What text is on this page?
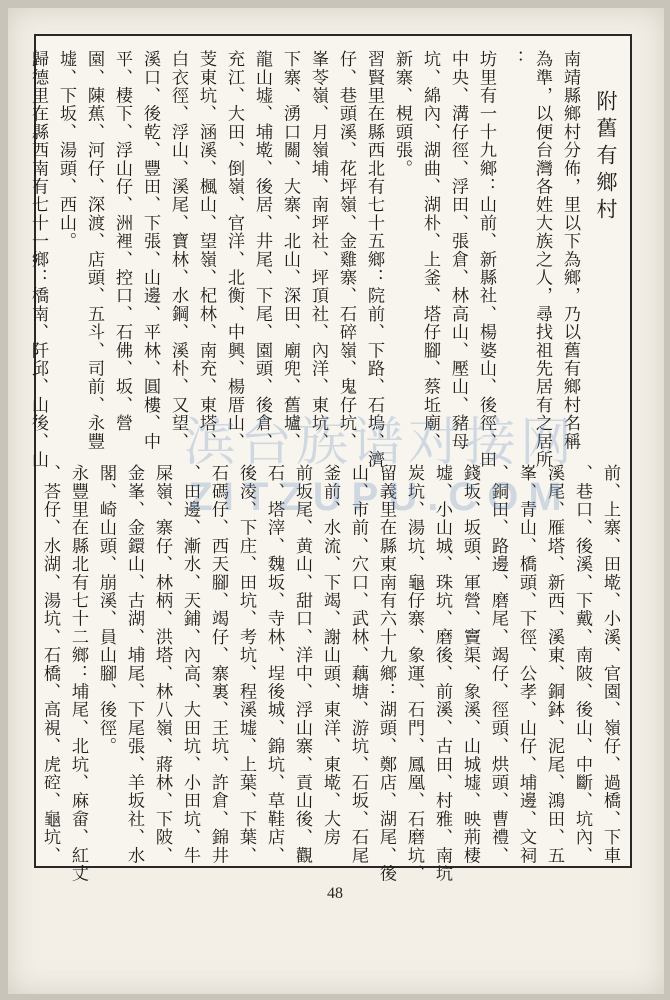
附舊有鄉村
南靖縣鄉村分佈，里以下為鄉，乃以舊有鄉村名稱
為準，以便台灣各姓大族之人，尋找祖先居有之居所
：
坊里有一十九鄉：山前、新縣社、楊婆山、後徑、田
中央、溝仔徑、浮田、張倉、林高山、壓山、豬母
坑、綿內、湖曲、湖朴、上釜、塔仔腳、蔡坵廟、
新寨、梘頭張。
習賢里在縣西北有七十五鄉：院前、下路、石塢、濟
仔、巷頭溪、花坪嶺、金雞寨、石碎嶺、鬼仔坑、
峯苓嶺、月嶺埔、南坪社、坪頂社、內洋、東坑、
下寨、湧口關、大寨、北山、深田、廟兜、舊壚、
龍山墟、埔墘、後居、井尾、下尾、園頭、後倉、
充江、大田、倒嶺、官洋、北衡、中興、楊厝山、
芰東坑、涵溪、楓山、望嶺、杞林、南充、東塔、
白衣徑、浮山、溪尾、寶林、水鋼、溪朴、又望、
溪口、後乾、豐田、下張、山邊、平林、圓樓、中
平、棲下、浮山仔、洲裡、控口、石佛、坂、營
園、陳蕉、河仔、深渡、店頭、五斗、司前、永豐
墟、下坂、湯頭、西山。
歸德里在縣西南有七十一鄉：橋南、阡邱、山後、山
前、上寨、田墘、小溪、官園、嶺仔、過橋、下車
、巷口、後溪、下戴、南陂、後山、中斷、坑內、
溪尾、雁塔、新西、溪東、銅鉢、泥尾、鴻田、五
峯、青山、橋頭、下徑、公孝、山仔、埔邊、文祠
、銅田、路邊、磨尾、竭仔、徑頭、烘頭、曹禮、
錢坂、坂頭、軍營、竇渠、象溪、山城墟、映荊棲
墟、小山城、珠坑、磨後、前溪、古田、村雅、南坑
炭坑、湯坑、龜仔寨、象運、石門、鳳凰、石磨坑、
留義里在縣東南有六十九鄉：湖頭、鄭店、湖尾、後
山、市前、穴口、武林、藕塘、游坑、石坂、石尾
釜前、水流、下竭、謝山頭、東洋、東墘、大房
前坂尾、黄山、甜口、洋中、浮山寨、貢山後、觀
石、塔滓、魏坂、寺林、埕後城、錦坑、草鞋店、
後淩、下庄、田坑、考坑、程溪墟、上葉、下葉、
石碼仔、西天腳、竭仔、寨裏、王坑、許倉、錦井
、田邊、漸水、天鋪、內高、大田坑、小田坑、牛
屎嶺、寨仔、林柄、洪塔、林八嶺、蔣林、下陂、
金峯、金鐶山、古湖、埔尾、下尾張、羊坂社、水
閣、崎山頭、崩溪、員山腳、後徑。
永豐里在縣北有七十二鄉：埔尾、北坑、麻畲、紅丈
、荅仔、水湖、湯坑、石橋、高視、虎硿、龜坑、
滨台族谱对接网
ZITZUPU.COM
48
